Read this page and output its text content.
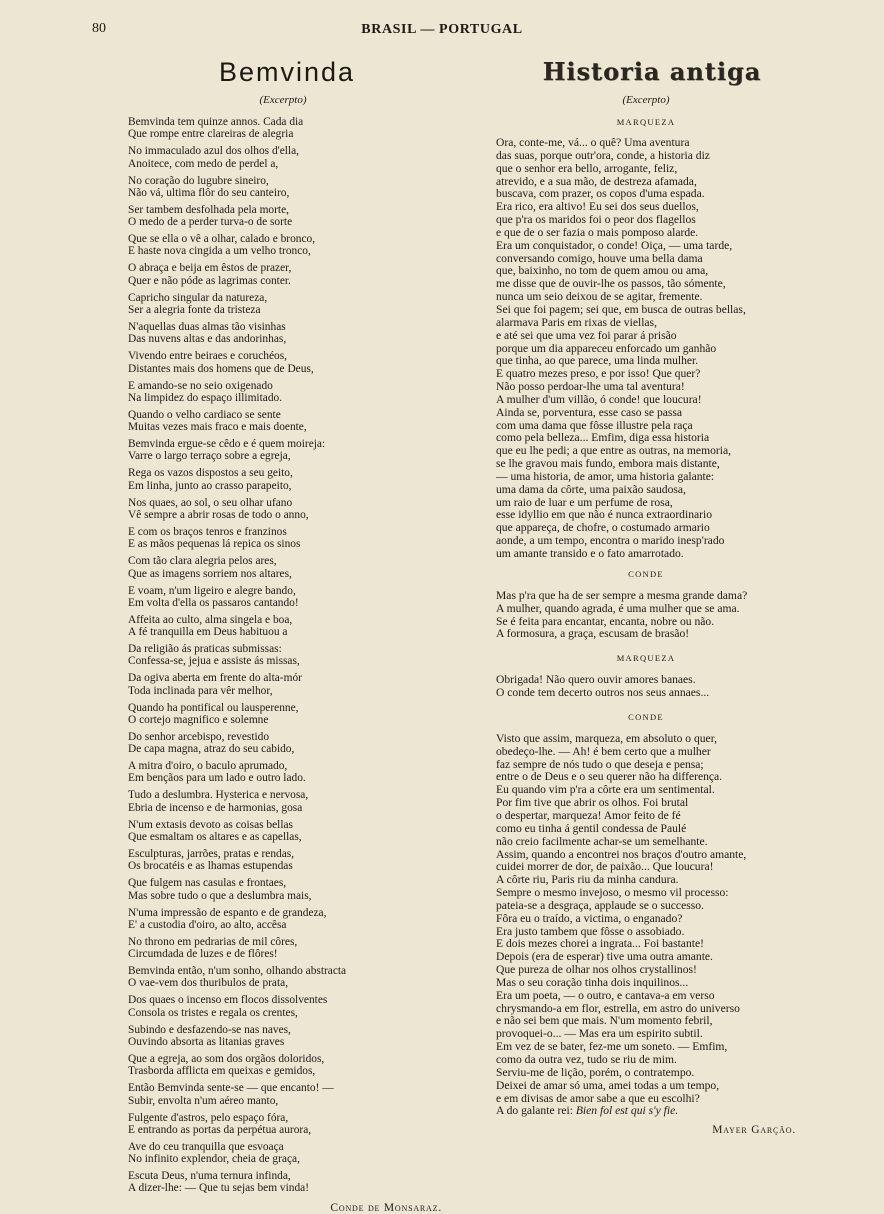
80	BRASIL — PORTUGAL
Bemvinda
(Excerpto)
Bemvinda tem quinze annos. Cada dia
Que rompe entre clareiras de alegria
No immaculado azul dos olhos d'ella,
Anoitece, com medo de perdel a,
No coração do lugubre sineiro,
Não vá, ultima flôr do seu canteiro,
Ser tambem desfolhada pela morte,
O medo de a perder turva-o de sorte
Que se ella o vê a olhar, calado e bronco,
E haste nova cingida a um velho tronco,
O abraça e beija em êstos de prazer,
Quer e não póde as lagrimas conter.
Capricho singular da natureza,
Ser a alegria fonte da tristeza
N'aquellas duas almas tão visinhas
Das nuvens altas e das andorinhas,
Vivendo entre beiraes e coruchéos,
Distantes mais dos homens que de Deus,
E amando-se no seio oxigenado
Na limpidez do espaço illimitado.
Quando o velho cardiaco se sente
Muitas vezes mais fraco e mais doente,
Bemvinda ergue-se cêdo e é quem moireja:
Varre o largo terraço sobre a egreja,
Rega os vazos dispostos a seu geito,
Em linha, junto ao crasso parapeito,
Nos quaes, ao sol, o seu olhar ufano
Vê sempre a abrir rosas de todo o anno,
E com os braços tenros e franzinos
E as mãos pequenas lá repica os sinos
Com tão clara alegria pelos ares,
Que as imagens sorriem nos altares,
E voam, n'um ligeiro e alegre bando,
Em volta d'ella os passaros cantando!
Affeita ao culto, alma singela e boa,
A fé tranquilla em Deus habituou a
Da religião ás praticas submissas:
Confessa-se, jejua e assiste ás missas,
Da ogiva aberta em frente do alta-mór
Toda inclinada para vêr melhor,
Quando ha pontifical ou lausperenne,
O cortejo magnifico e solemne
Do senhor arcebispo, revestido
De capa magna, atraz do seu cabido,
A mitra d'oiro, o baculo aprumado,
Em bençãos para um lado e outro lado.
Tudo a deslumbra. Hysterica e nervosa,
Ebria de incenso e de harmonias, gosa
N'um extasis devoto as coisas bellas
Que esmaltam os altares e as capellas,
Esculpturas, jarrões, pratas e rendas,
Os brocatéis e as lhamas estupendas
Que fulgem nas casulas e frontaes,
Mas sobre tudo o que a deslumbra mais,
N'uma impressão de espanto e de grandeza,
E' a custodia d'oiro, ao alto, accêsa
No throno em pedrarias de mil côres,
Circumdada de luzes e de flôres!
Bemvinda então, n'um sonho, olhando abstracta
O vae-vem dos thuribulos de prata,
Dos quaes o incenso em flocos dissolventes
Consola os tristes e regala os crentes,
Subindo e desfazendo-se nas naves,
Ouvindo absorta as litanias graves
Que a egreja, ao som dos orgãos doloridos,
Trasborda afflicta em queixas e gemidos,
Então Bemvinda sente-se — que encanto! —
Subir, envolta n'um aéreo manto,
Fulgente d'astros, pelo espaço fóra,
E entrando as portas da perpétua aurora,
Ave do ceu tranquilla que esvoaça
No infinito explendor, cheia de graça,
Escuta Deus, n'uma ternura infinda,
A dizer-lhe: — Que tu sejas bem vinda!
Conde de Monsaraz.
Historia antiga
(Excerpto)
MARQUEZA
Ora, conte-me, vá... o quê? Uma aventura
das suas, porque outr'ora, conde, a historia diz
que o senhor era bello, arrogante, feliz,
atrevido, e a sua mão, de destreza afamada,
buscava, com prazer, os copos d'uma espada.
Era rico, era altivo! Eu sei dos seus duellos,
que p'ra os maridos foi o peor dos flagellos
e que de o ser fazia o mais pomposo alarde.
Era um conquistador, o conde! Oiça, — uma tarde,
conversando comigo, houve uma bella dama
que, baixinho, no tom de quem amou ou ama,
me disse que de ouvir-lhe os passos, tão sómente,
nunca um seio deixou de se agitar, fremente.
Sei que foi pagem; sei que, em busca de outras bellas,
alarmava Paris em rixas de viellas,
e até sei que uma vez foi parar á prisão
porque um dia appareceu enforcado um ganhão
que tinha, ao que parece, uma linda mulher.
E quatro mezes preso, e por isso! Que quer?
Não posso perdoar-lhe uma tal aventura!
A mulher d'um villão, ó conde! que loucura!
Ainda se, porventura, esse caso se passa
com uma dama que fôsse illustre pela raça
como pela belleza... Emfim, diga essa historia
que eu lhe pedi; a que entre as outras, na memoria,
se lhe gravou mais fundo, embora mais distante,
— uma historia, de amor, uma historia galante:
uma dama da côrte, uma paixão saudosa,
um raio de luar e um perfume de rosa,
esse idyllio em que não é nunca extraordinario
que appareça, de chofre, o costumado armario
aonde, a um tempo, encontra o marido inesp'rado
um amante transido e o fato amarrotado.
CONDE
Mas p'ra que ha de ser sempre a mesma grande dama?
A mulher, quando agrada, é uma mulher que se ama.
Se é feita para encantar, encanta, nobre ou não.
A formosura, a graça, escusam de brasão!
MARQUEZA
Obrigada! Não quero ouvir amores banaes.
O conde tem decerto outros nos seus annaes...
CONDE
Visto que assim, marqueza, em absoluto o quer,
obedeço-lhe. — Ah! é bem certo que a mulher
faz sempre de nós tudo o que deseja e pensa;
entre o de Deus e o seu querer não ha differença.
Eu quando vim p'ra a côrte era um sentimental.
Por fim tive que abrir os olhos. Foi brutal
o despertar, marqueza! Amor feito de fé
como eu tinha á gentil condessa de Paulé
não creio facilmente achar-se um semelhante.
Assim, quando a encontrei nos braços d'outro amante,
cuidei morrer de dor, de paixão... Que loucura!
A côrte riu, Paris riu da minha candura.
Sempre o mesmo invejoso, o mesmo vil processo:
pateia-se a desgraça, applaude se o successo.
Fôra eu o traído, a victima, o enganado?
Era justo tambem que fôsse o assobiado.
E dois mezes chorei a ingrata... Foi bastante!
Depois (era de esperar) tive uma outra amante.
Que pureza de olhar nos olhos crystallinos!
Mas o seu coração tinha dois inquilinos...
Era um poeta, — o outro, e cantava-a em verso
chrysmando-a em flor, estrella, em astro do universo
e não sei bem que mais. N'um momento febril,
provoquei-o... — Mas era um espirito subtil.
Em vez de se bater, fez-me um soneto. — Emfim,
como da outra vez, tudo se riu de mim.
Serviu-me de lição, porém, o contratempo.
Deixei de amar só uma, amei todas a um tempo,
e em divisas de amor sabe a que eu escolhi?
A do galante rei: Bien fol est qui s'y fie.
Mayer Garção.
